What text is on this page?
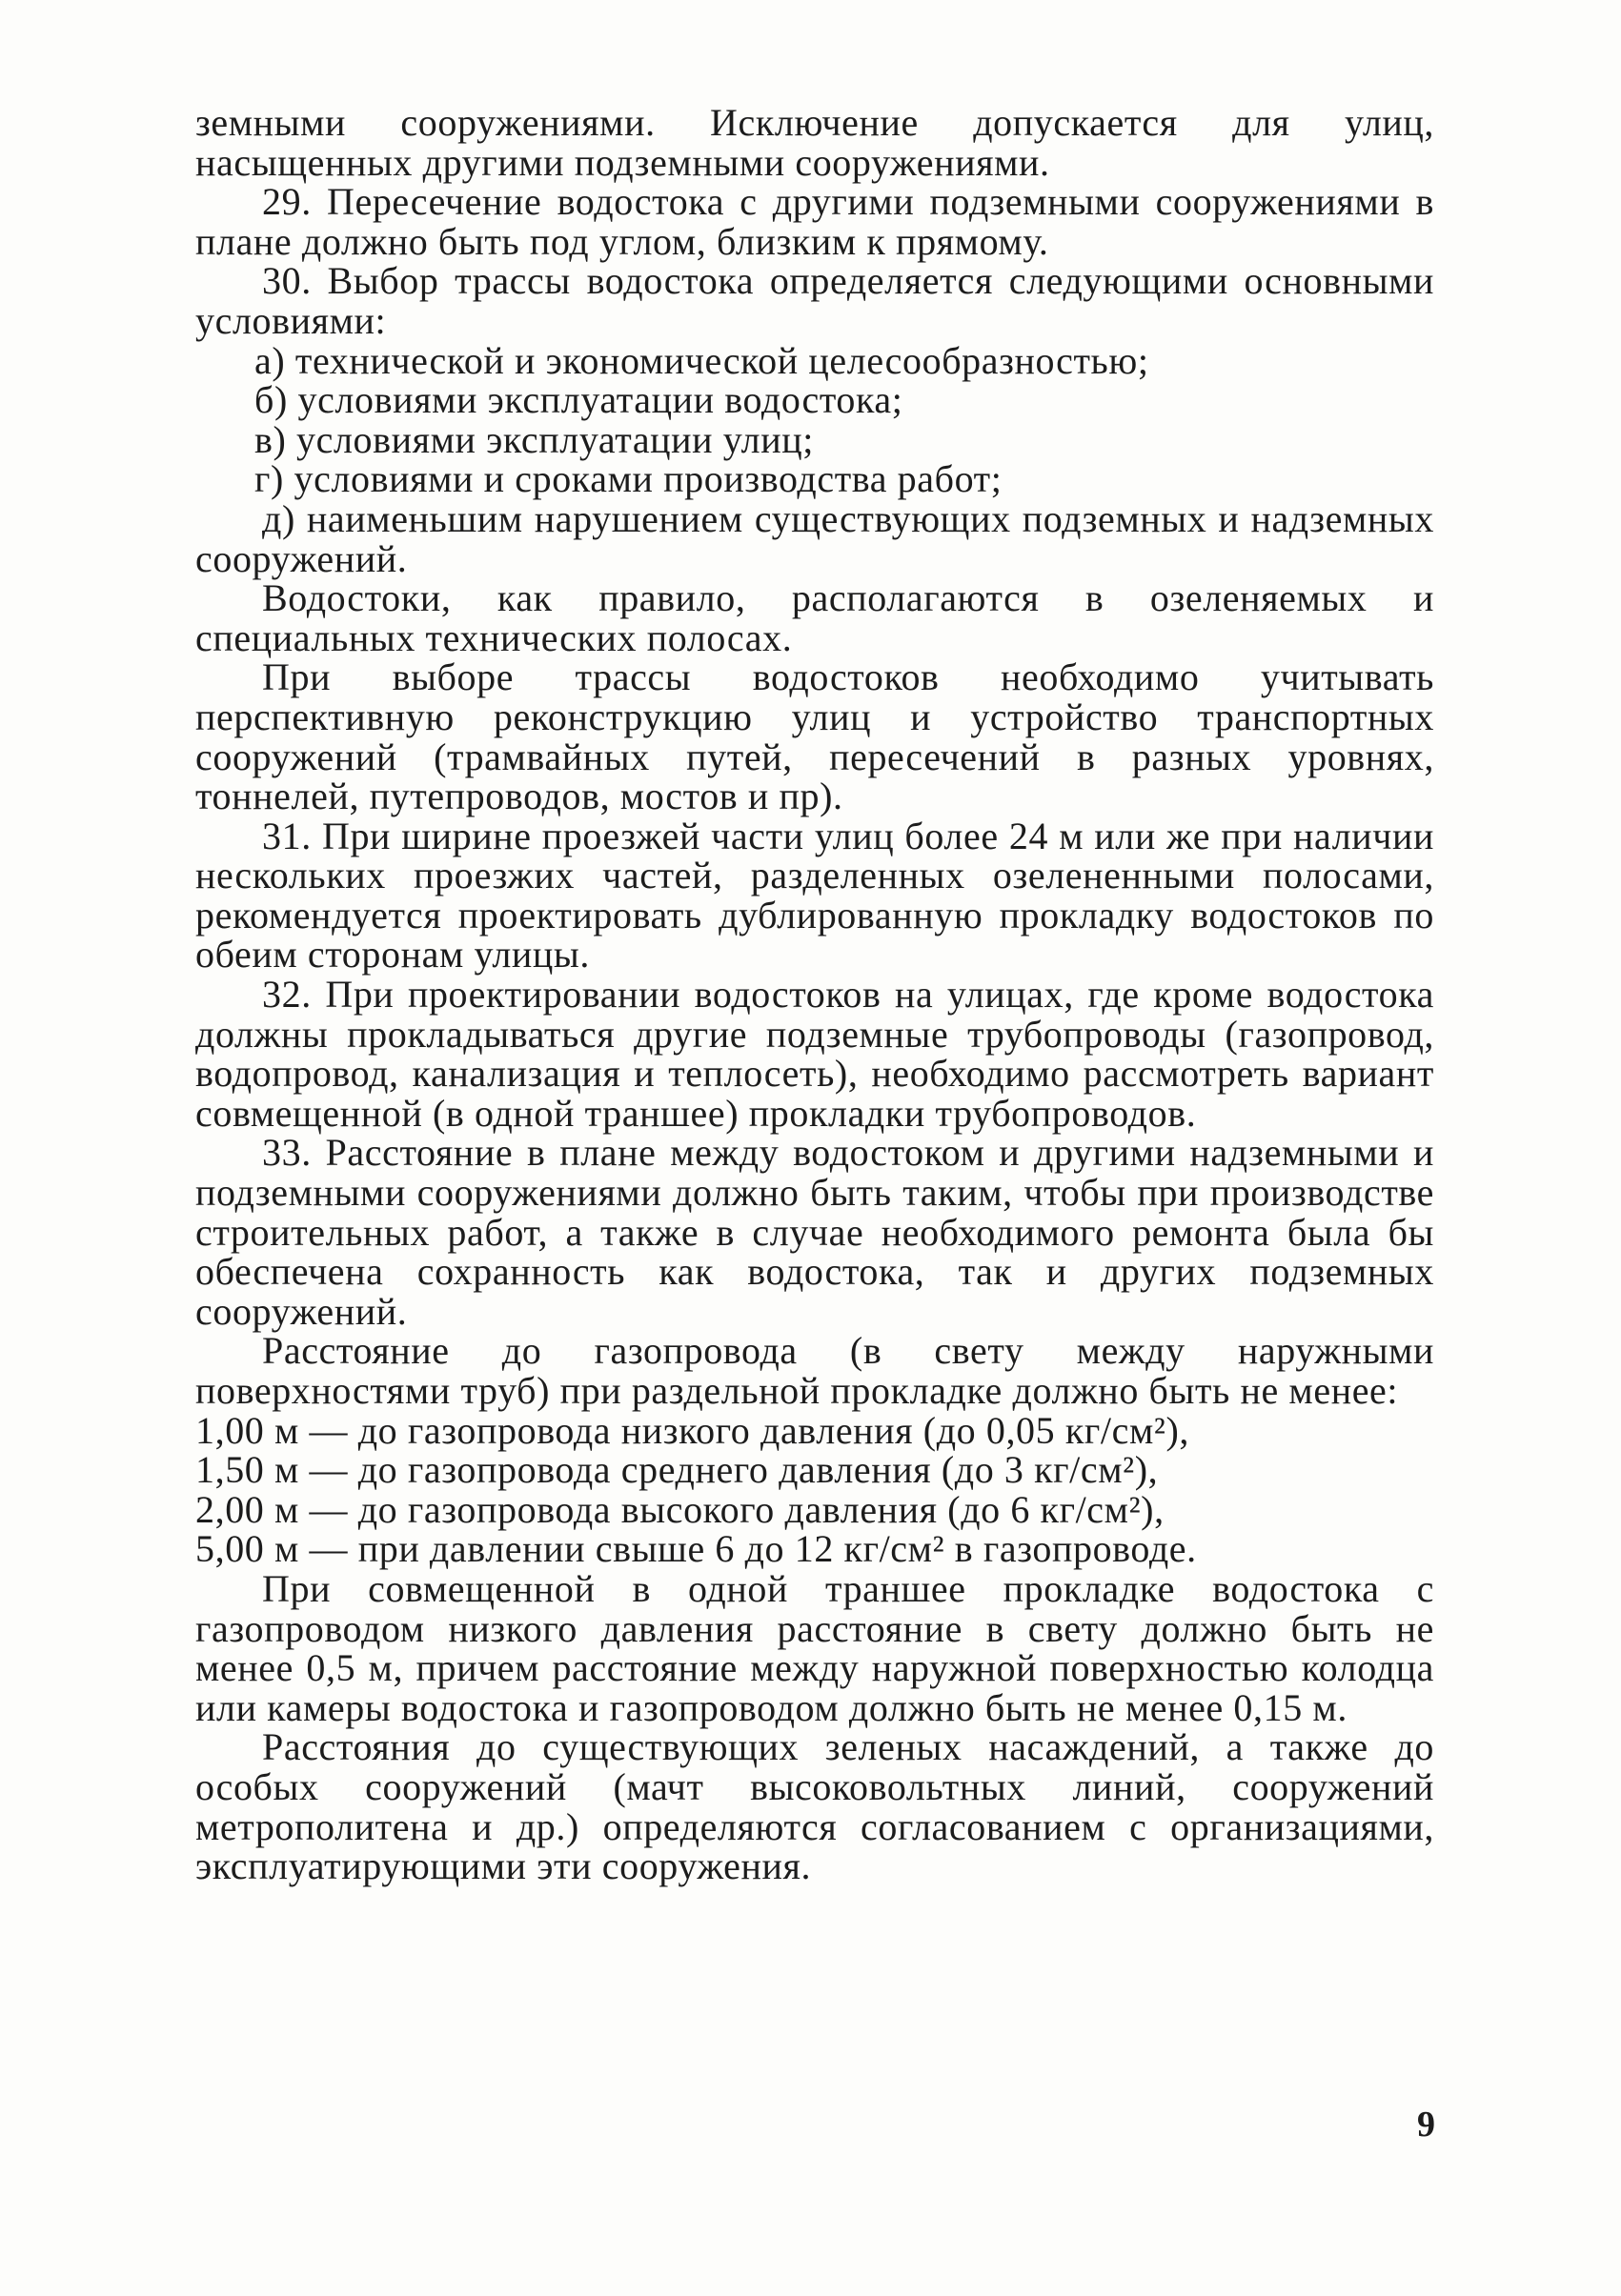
земными сооружениями. Исключение допускается для улиц, насыщенных другими подземными сооружениями.

29. Пересечение водостока с другими подземными сооружениями в плане должно быть под углом, близким к прямому.

30. Выбор трассы водостока определяется следующими основными условиями:

а) технической и экономической целесообразностью;

б) условиями эксплуатации водостока;

в) условиями эксплуатации улиц;

г) условиями и сроками производства работ;

д) наименьшим нарушением существующих подземных и надземных сооружений.

Водостоки, как правило, располагаются в озеленяемых и специальных технических полосах.

При выборе трассы водостоков необходимо учитывать перспективную реконструкцию улиц и устройство транспортных сооружений (трамвайных путей, пересечений в разных уровнях, тоннелей, путепроводов, мостов и пр).

31. При ширине проезжей части улиц более 24 м или же при наличии нескольких проезжих частей, разделенных озелененными полосами, рекомендуется проектировать дублированную прокладку водостоков по обеим сторонам улицы.

32. При проектировании водостоков на улицах, где кроме водостока должны прокладываться другие подземные трубопроводы (газопровод, водопровод, канализация и теплосеть), необходимо рассмотреть вариант совмещенной (в одной траншее) прокладки трубопроводов.

33. Расстояние в плане между водостоком и другими надземными и подземными сооружениями должно быть таким, чтобы при производстве строительных работ, а также в случае необходимого ремонта была бы обеспечена сохранность как водостока, так и других подземных сооружений.

Расстояние до газопровода (в свету между наружными поверхностями труб) при раздельной прокладке должно быть не менее:

1,00 м — до газопровода низкого давления (до 0,05 кг/см²),

1,50 м — до газопровода среднего давления (до 3 кг/см²),

2,00 м — до газопровода высокого давления (до 6 кг/см²),

5,00 м — при давлении свыше 6 до 12 кг/см² в газопроводе.

При совмещенной в одной траншее прокладке водостока с газопроводом низкого давления расстояние в свету должно быть не менее 0,5 м, причем расстояние между наружной поверхностью колодца или камеры водостока и газопроводом должно быть не менее 0,15 м.

Расстояния до существующих зеленых насаждений, а также до особых сооружений (мачт высоковольтных линий, сооружений метрополитена и др.) определяются согласованием с организациями, эксплуатирующими эти сооружения.

9
